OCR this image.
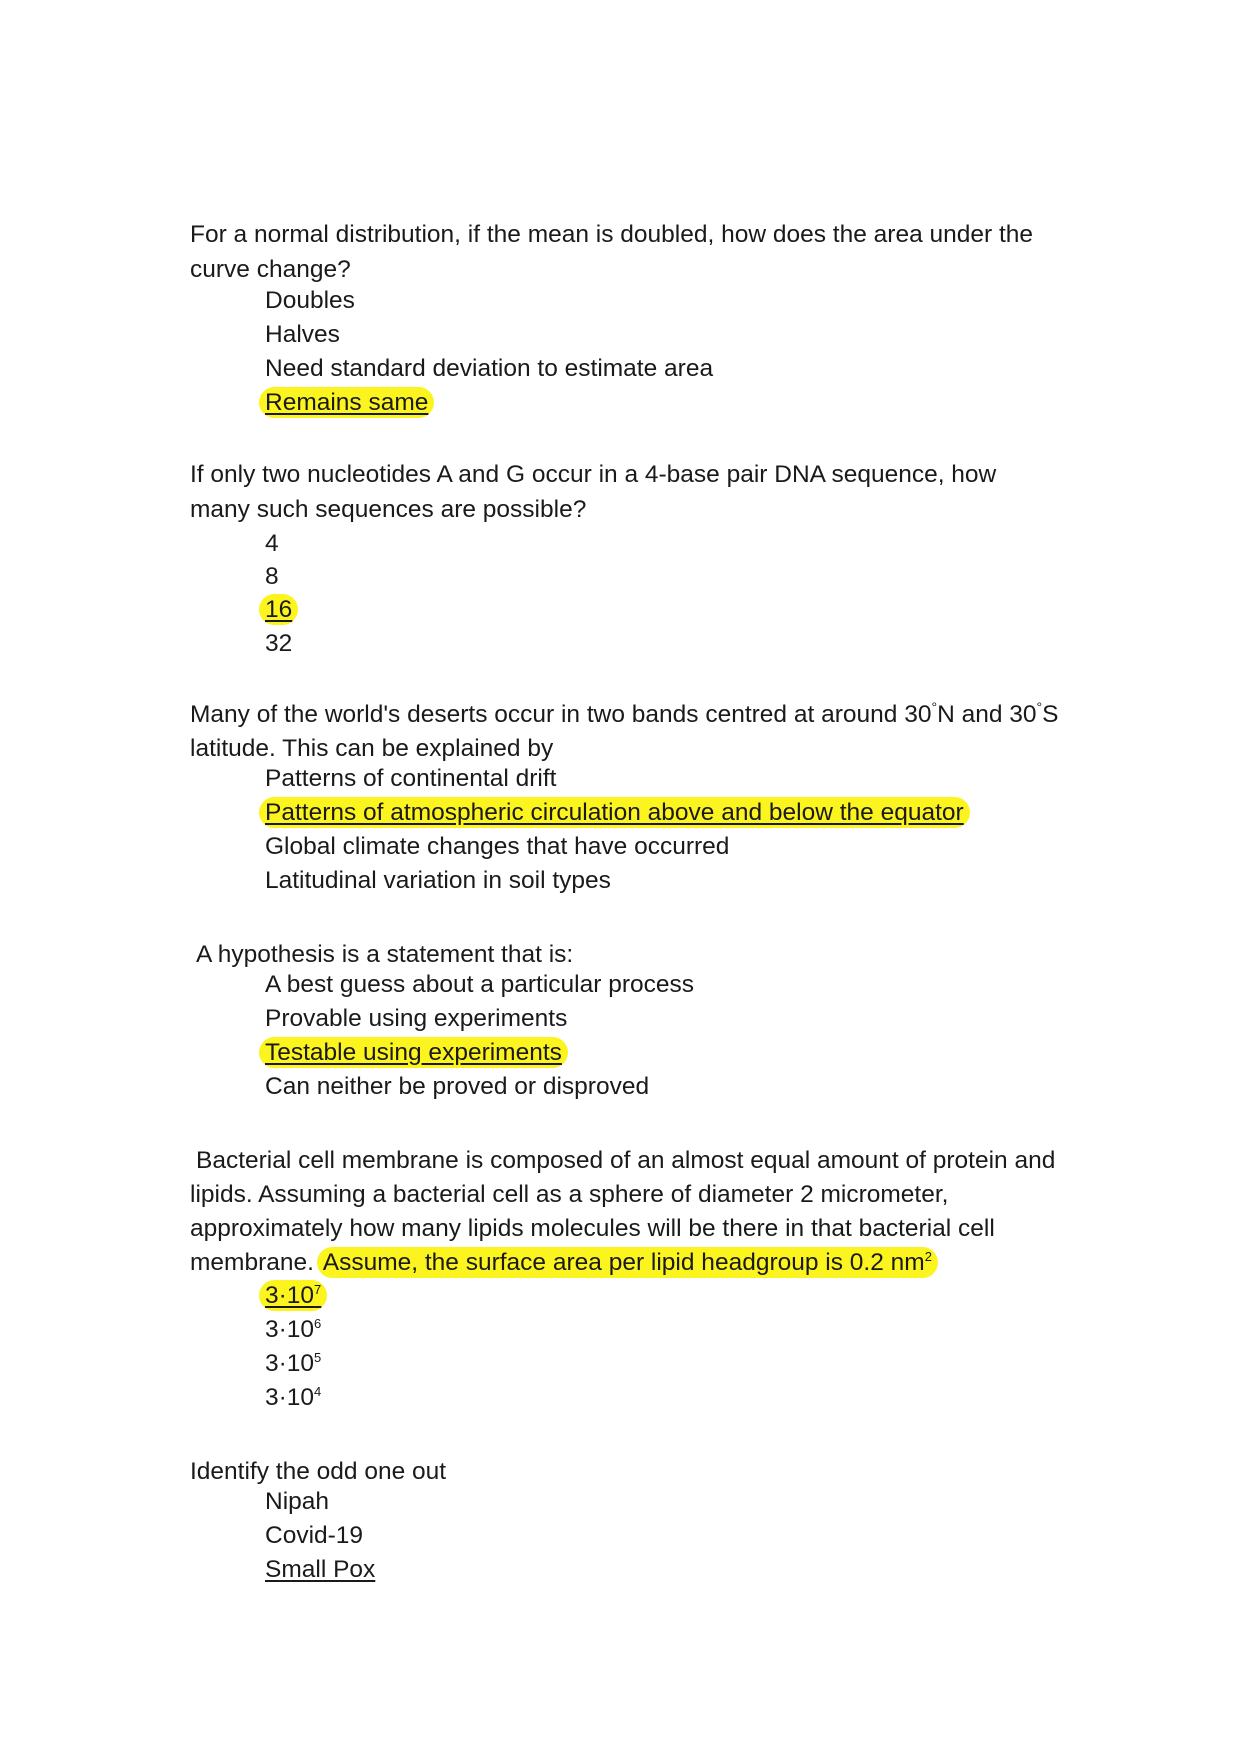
For a normal distribution, if the mean is doubled, how does the area under the
curve change?
Doubles
Halves
Need standard deviation to estimate area
Remains same
If only two nucleotides A and G occur in a 4-base pair DNA sequence, how
many such sequences are possible?
4
8
16
32
Many of the world's deserts occur in two bands centred at around 30°N and 30°S
latitude. This can be explained by
Patterns of continental drift
Patterns of atmospheric circulation above and below the equator
Global climate changes that have occurred
Latitudinal variation in soil types
A hypothesis is a statement that is:
A best guess about a particular process
Provable using experiments
Testable using experiments
Can neither be proved or disproved
Bacterial cell membrane is composed of an almost equal amount of protein and
lipids. Assuming a bacterial cell as a sphere of diameter 2 micrometer,
approximately how many lipids molecules will be there in that bacterial cell
membrane. Assume, the surface area per lipid headgroup is 0.2 $nm^2$
$3\cdot 10^7$
$3\cdot 10^6$
$3\cdot 10^5$
$3\cdot 10^4$
Identify the odd one out
Nipah
Covid-19
Small Pox
